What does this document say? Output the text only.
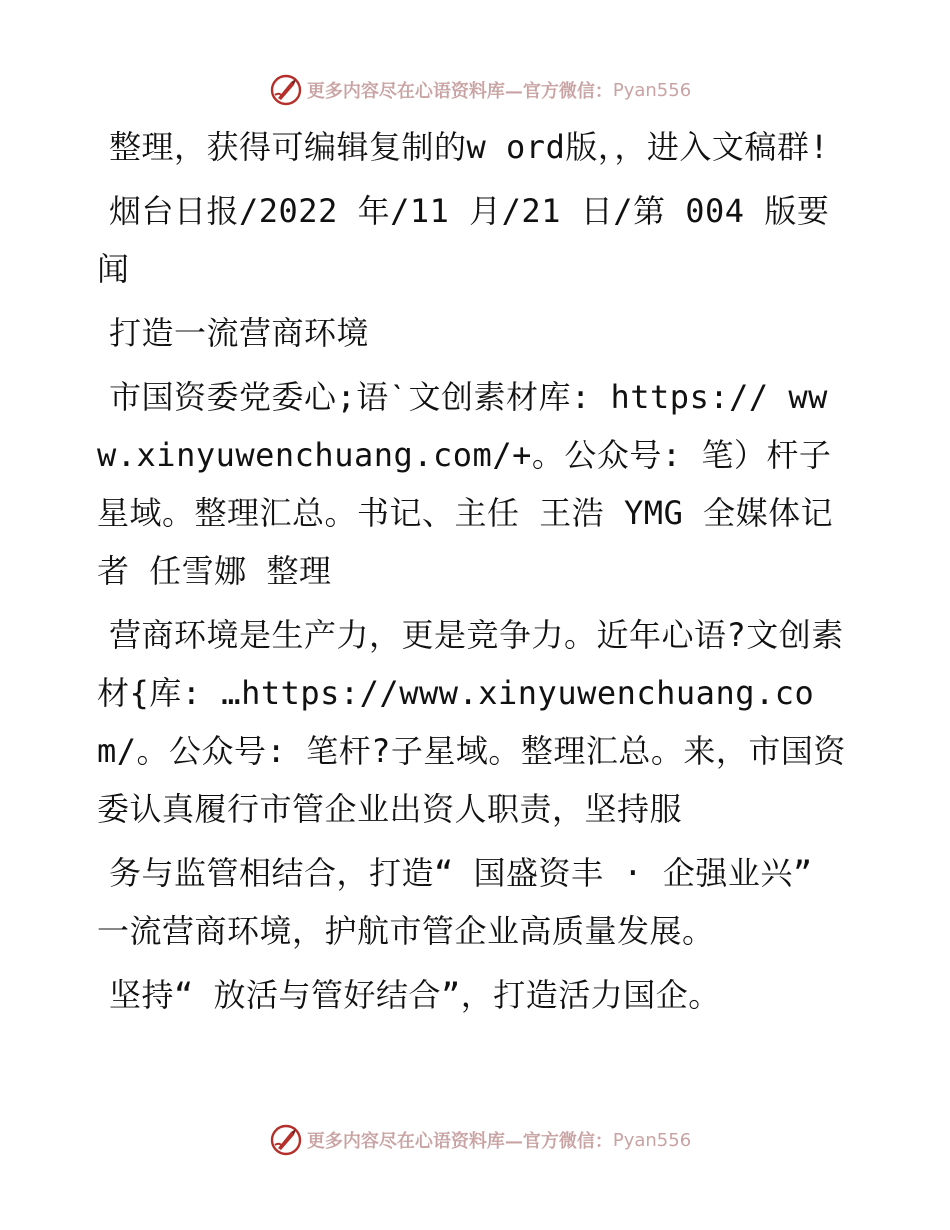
更多内容尽在心语资料库—官方微信： Pyan556

整理，获得可编辑复制的w ord版，，进入文稿群!

烟台日报/2022 年/11 月/21 日/第 004 版要闻

打造一流营商环境

市国资委党委心;语ˋ文创素材库: https:// www.xinyuwenchuang.com/+。公众号: 笔）杆子星域。整理汇总。书记、主任 王浩 YMG 全媒体记者 任雪娜 整理

营商环境是生产力，更是竞争力。近年心语?文创素材{库: …https://www.xinyuwenchuang.com/。公众号: 笔杆?子星域。整理汇总。来，市国资委认真履行市管企业出资人职责，坚持服

务与监管相结合，打造“ 国盛资丰 · 企强业兴” 一流营商环境，护航市管企业高质量发展。

坚持“ 放活与管好结合”，打造活力国企。

更多内容尽在心语资料库—官方微信： Pyan556
